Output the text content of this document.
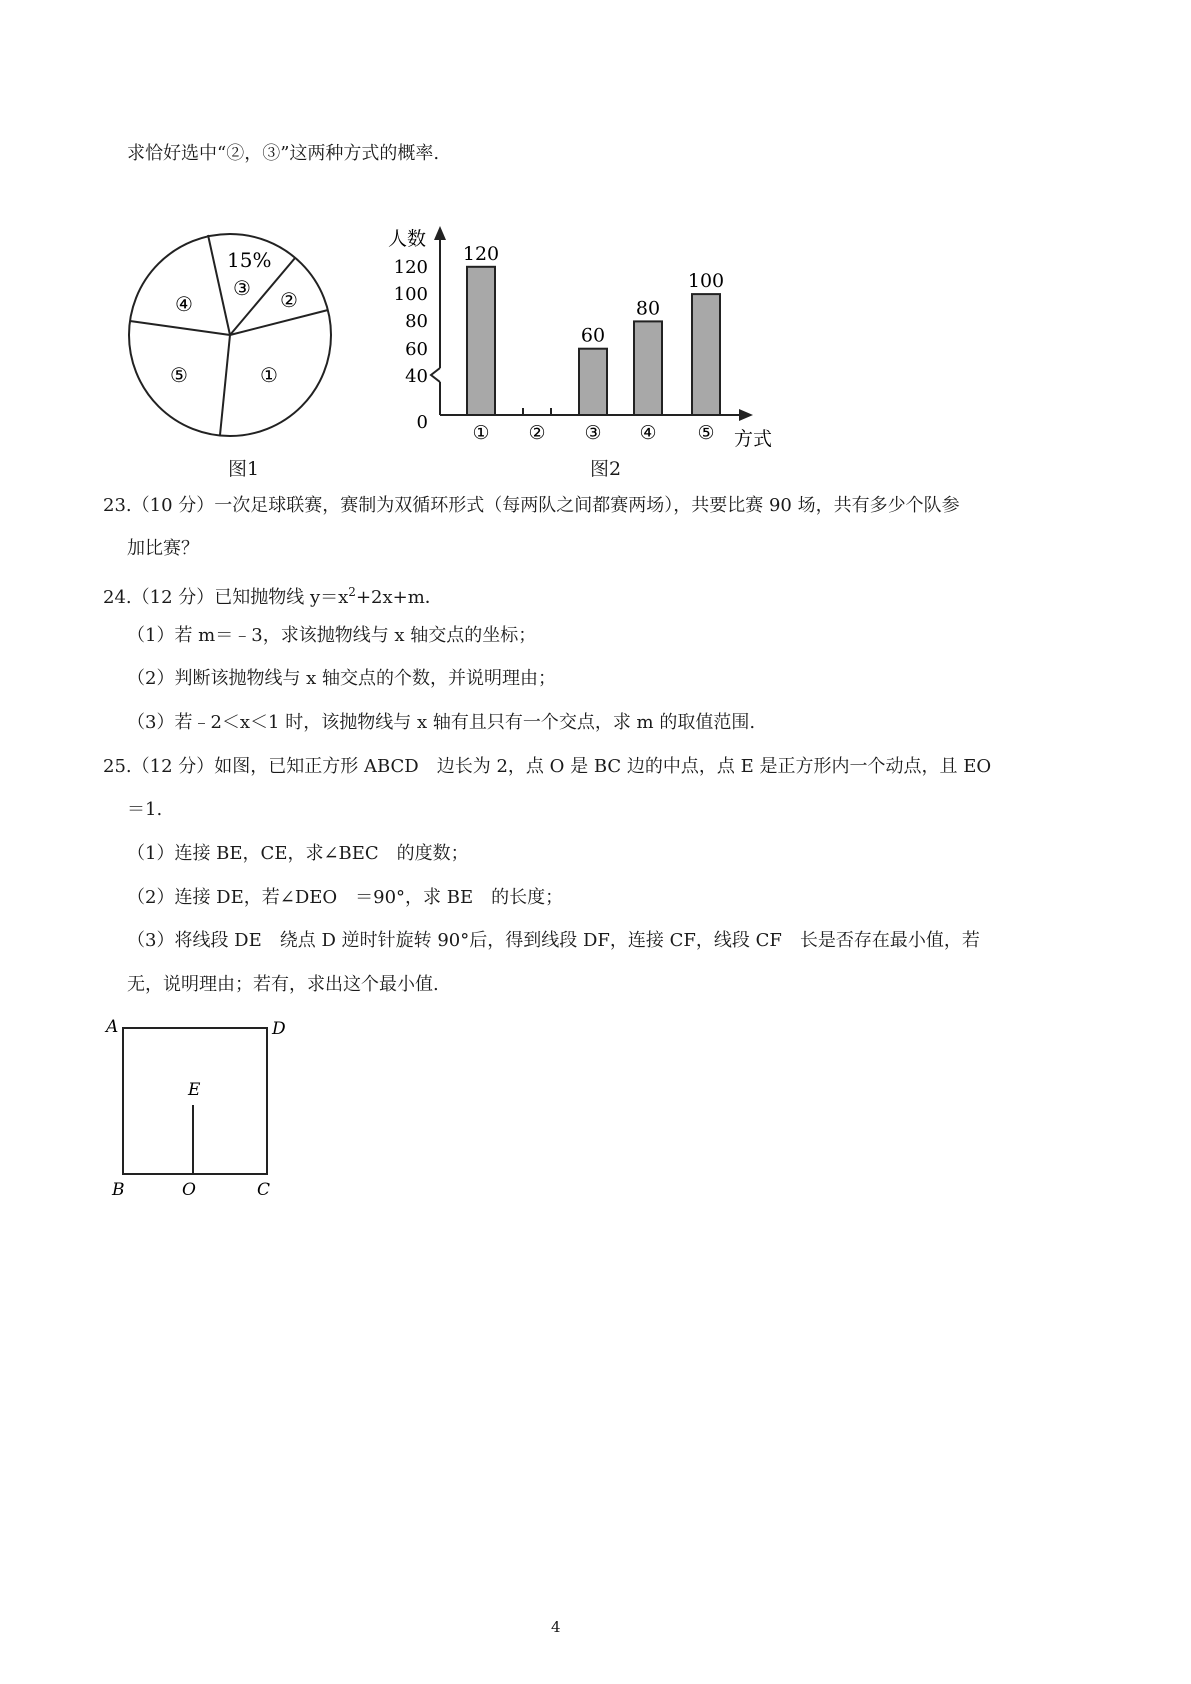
求恰好选中“②，③”这两种方式的概率.
15%
③ ②
④
⑤	①
图1
120
60
80
100
人数
方式
120
100
80
60
40
0 ① ② ③ ④ ⑤
图2
23.（10 分）一次足球联赛，赛制为双循环形式（每两队之间都赛两场），共要比赛 90 场，共有多少个队参
加比赛？
24.（12 分）已知抛物线 $y=x^2+2x+m$．
（1）若 m＝﹣3，求该抛物线与 x 轴交点的坐标；
（2）判断该抛物线与 x 轴交点的个数，并说明理由；
（3）若﹣2＜x＜1 时，该抛物线与 x 轴有且只有一个交点，求 m 的取值范围.
25.（12 分）如图，已知正方形 ABCD　边长为 2，点 O 是 BC 边的中点，点 E 是正方形内一个动点，且 EO
＝1.
（1）连接 BE，CE，求∠BEC　的度数；
（2）连接 DE，若∠DEO　＝90°，求 BE　的长度；
（3）将线段 DE　绕点 D 逆时针旋转 90°后，得到线段 DF，连接 CF，线段 CF　长是否存在最小值，若
无，说明理由；若有，求出这个最小值.
A	D
E
B	O	C
4
